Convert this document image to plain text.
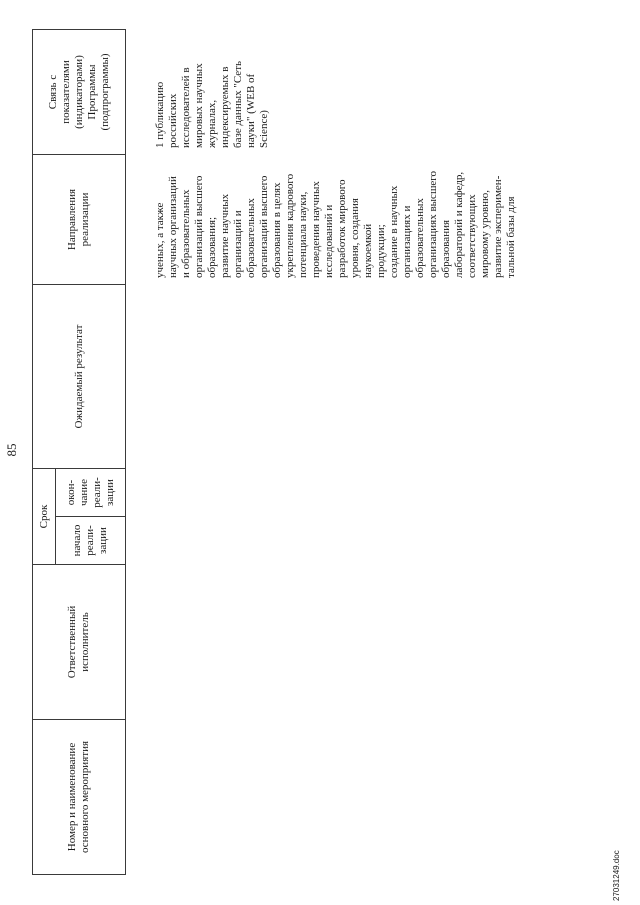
85
Номер и наименование
основного мероприятия
Ответственный
исполнитель
Срок
начало
реали-
зации
окон-
чание
реали-
зации
Ожидаемый результат
Направления
реализации
Связь с
показателями
(индикаторами)
Программы
(подпрограммы)
ученых, а также
научных организаций
и образовательных
организаций высшего
образования;
развитие научных
организаций и
образовательных
организаций высшего
образования в целях
укрепления кадрового
потенциала науки,
проведения научных
исследований и
разработок мирового
уровня, создания
наукоемкой
продукции;
создание в научных
организациях и
образовательных
организациях высшего
образования
лабораторий и кафедр,
соответствующих
мировому уровню,
развитие эксперимен-
тальной базы для
1 публикацию
российских
исследователей в
мировых научных
журналах,
индексируемых в
базе данных "Сеть
науки" (WEB of
Science)
27031249.doc
